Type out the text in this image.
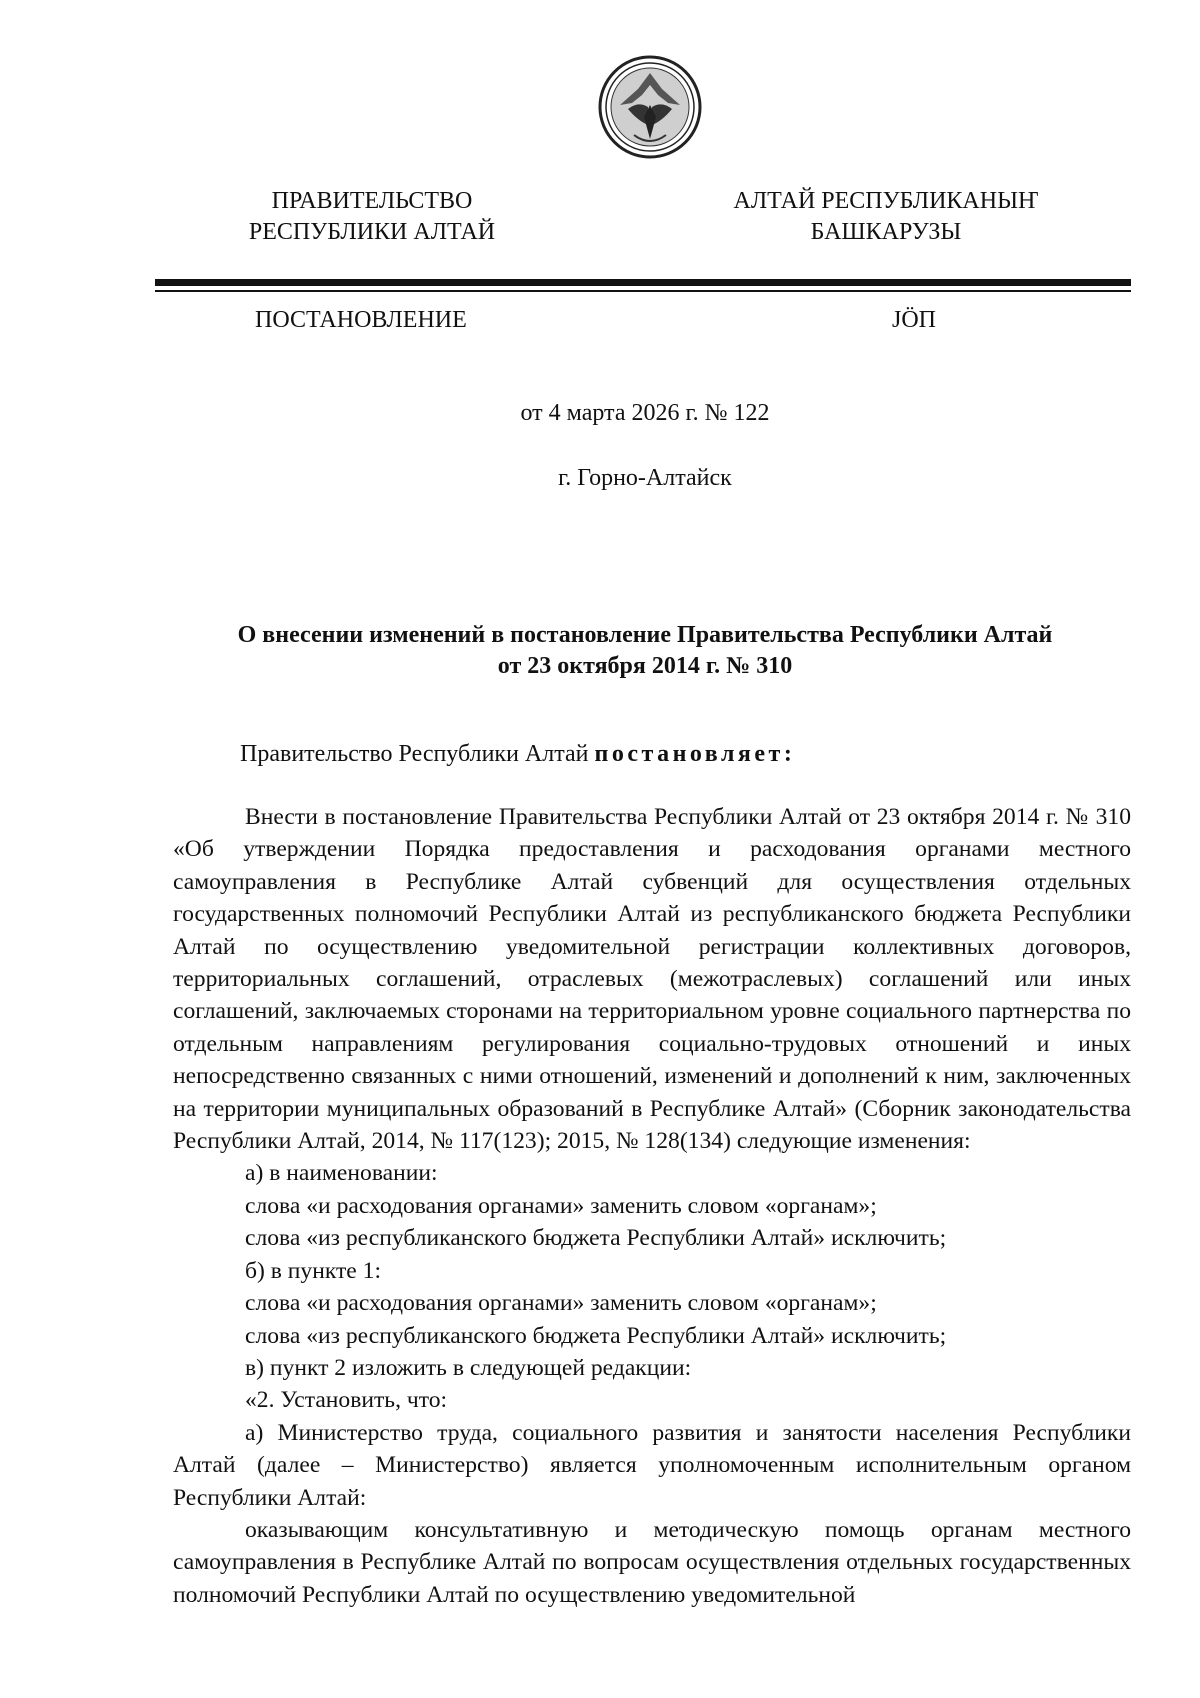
ПРАВИТЕЛЬСТВО
РЕСПУБЛИКИ АЛТАЙ
АЛТАЙ РЕСПУБЛИКАНЫҤ
БАШКАРУЗЫ
ПОСТАНОВЛЕНИЕ	JӦП
от 4 марта 2026 г. № 122
г. Горно-Алтайск
О внесении изменений в постановление Правительства Республики Алтай
от 23 октября 2014 г. № 310
Правительство Республики Алтай постановляет:

Внести в постановление Правительства Республики Алтай от 23 октября 2014 г. № 310 «Об утверждении Порядка предоставления и расходования органами местного самоуправления в Республике Алтай субвенций для осуществления отдельных государственных полномочий Республики Алтай из республиканского бюджета Республики Алтай по осуществлению уведомительной регистрации коллективных договоров, территориальных соглашений, отраслевых (межотраслевых) соглашений или иных соглашений, заключаемых сторонами на территориальном уровне социального партнерства по отдельным направлениям регулирования социально-трудовых отношений и иных непосредственно связанных с ними отношений, изменений и дополнений к ним, заключенных на территории муниципальных образований в Республике Алтай» (Сборник законодательства Республики Алтай, 2014, № 117(123); 2015, № 128(134) следующие изменения:

а) в наименовании:

слова «и расходования органами» заменить словом «органам»;

слова «из республиканского бюджета Республики Алтай» исключить;

б) в пункте 1:

слова «и расходования органами» заменить словом «органам»;

слова «из республиканского бюджета Республики Алтай» исключить;

в) пункт 2 изложить в следующей редакции:

«2. Установить, что:

а) Министерство труда, социального развития и занятости населения Республики Алтай (далее – Министерство) является уполномоченным исполнительным органом Республики Алтай:

оказывающим консультативную и методическую помощь органам местного самоуправления в Республике Алтай по вопросам осуществления отдельных государственных полномочий Республики Алтай по осуществлению уведомительной
